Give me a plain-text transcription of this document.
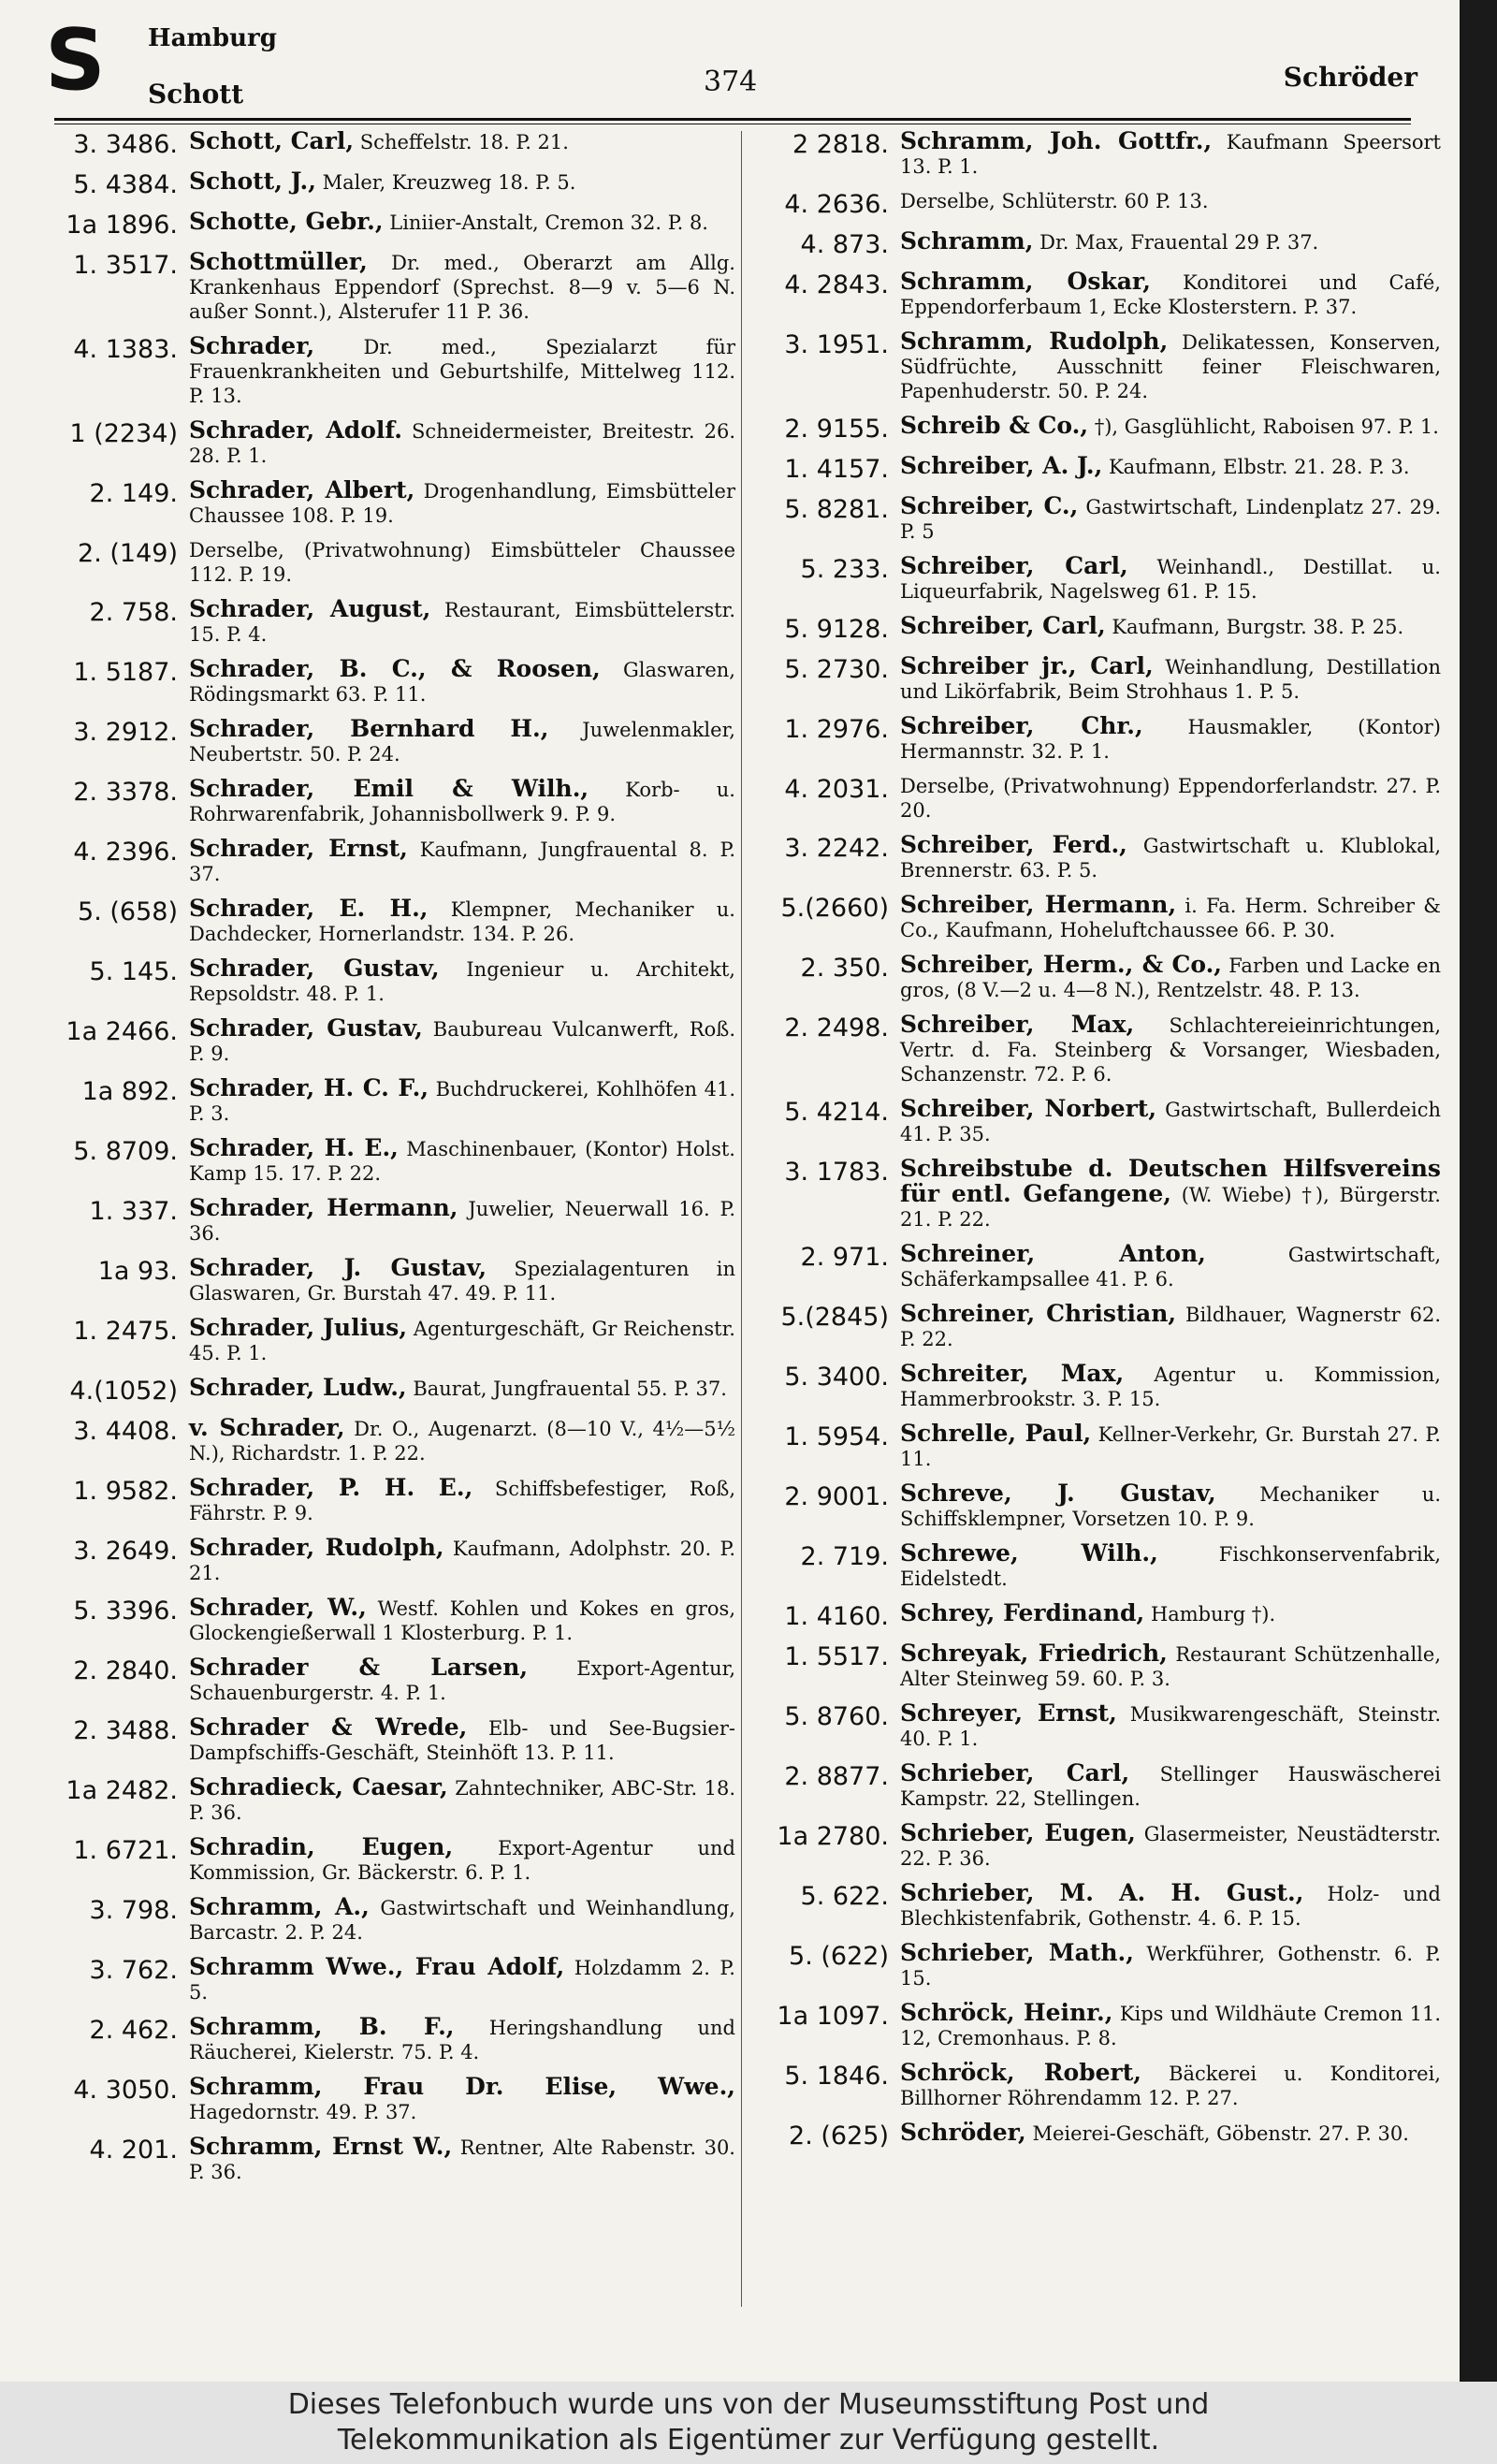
S Hamburg
Schott	374	Schröder
3. 3486. Schott, Carl, Scheffelstr. 18. P. 21.
5. 4384. Schott, J., Maler, Kreuzweg 18. P. 5.
1a 1896. Schotte, Gebr., Liniier-Anstalt, Cremon 32. P. 8.
1. 3517. Schottmüller, Dr. med., Oberarzt am Allg. Krankenhaus Eppendorf (Sprechst. 8—9 v. 5—6 N. außer Sonnt.), Alsterufer 11 P. 36.
4. 1383. Schrader, Dr. med., Spezialarzt für Frauenkrankheiten und Geburtshilfe, Mittelweg 112. P. 13.
1 (2234) Schrader, Adolf. Schneidermeister, Breitestr. 26. 28. P. 1.
2. 149. Schrader, Albert, Drogenhandlung, Eimsbütteler Chaussee 108. P. 19.
2. (149) Derselbe, (Privatwohnung) Eimsbütteler Chaussee 112. P. 19.
2. 758. Schrader, August, Restaurant, Eimsbüttelerstr. 15. P. 4.
1. 5187. Schrader, B. C., & Roosen, Glaswaren, Rödingsmarkt 63. P. 11.
3. 2912. Schrader, Bernhard H., Juwelenmakler, Neubertstr. 50. P. 24.
2. 3378. Schrader, Emil & Wilh., Korb- u. Rohrwarenfabrik, Johannisbollwerk 9. P. 9.
4. 2396. Schrader, Ernst, Kaufmann, Jungfrauental 8. P. 37.
5. (658) Schrader, E. H., Klempner, Mechaniker u. Dachdecker, Hornerlandstr. 134. P. 26.
5. 145. Schrader, Gustav, Ingenieur u. Architekt, Repsoldstr. 48. P. 1.
1a 2466. Schrader, Gustav, Baubureau Vulcanwerft, Roß. P. 9.
1a 892. Schrader, H. C. F., Buchdruckerei, Kohlhöfen 41. P. 3.
5. 8709. Schrader, H. E., Maschinenbauer, (Kontor) Holst. Kamp 15. 17. P. 22.
1. 337. Schrader, Hermann, Juwelier, Neuerwall 16. P. 36.
1a 93. Schrader, J. Gustav, Spezialagenturen in Glaswaren, Gr. Burstah 47. 49. P. 11.
1. 2475. Schrader, Julius, Agenturgeschäft, Gr Reichenstr. 45. P. 1.
4.(1052) Schrader, Ludw., Baurat, Jungfrauental 55. P. 37.
3. 4408. v. Schrader, Dr. O., Augenarzt. (8—10 V., 4½—5½ N.), Richardstr. 1. P. 22.
1. 9582. Schrader, P. H. E., Schiffsbefestiger, Roß, Fährstr. P. 9.
3. 2649. Schrader, Rudolph, Kaufmann, Adolphstr. 20. P. 21.
5. 3396. Schrader, W., Westf. Kohlen und Kokes en gros, Glockengießerwall 1 Klosterburg. P. 1.
2. 2840. Schrader & Larsen, Export-Agentur, Schauenburgerstr. 4. P. 1.
2. 3488. Schrader & Wrede, Elb- und See-Bugsier-Dampfschiffs-Geschäft, Steinhöft 13. P. 11.
1a 2482. Schradieck, Caesar, Zahntechniker, ABC-Str. 18. P. 36.
1. 6721. Schradin, Eugen, Export-Agentur und Kommission, Gr. Bäckerstr. 6. P. 1.
3. 798. Schramm, A., Gastwirtschaft und Weinhandlung, Barcastr. 2. P. 24.
3. 762. Schramm Wwe., Frau Adolf, Holzdamm 2. P. 5.
2. 462. Schramm, B. F., Heringshandlung und Räucherei, Kielerstr. 75. P. 4.
4. 3050. Schramm, Frau Dr. Elise, Wwe., Hagedornstr. 49. P. 37.
4. 201. Schramm, Ernst W., Rentner, Alte Rabenstr. 30. P. 36.
2 2818. Schramm, Joh. Gottfr., Kaufmann Speersort 13. P. 1.
4. 2636. Derselbe, Schlüterstr. 60 P. 13.
4. 873. Schramm, Dr. Max, Frauental 29 P. 37.
4. 2843. Schramm, Oskar, Konditorei und Café, Eppendorferbaum 1, Ecke Klosterstern. P. 37.
3. 1951. Schramm, Rudolph, Delikatessen, Konserven, Südfrüchte, Ausschnitt feiner Fleischwaren, Papenhuderstr. 50. P. 24.
2. 9155. Schreib & Co., †), Gasglühlicht, Raboisen 97. P. 1.
1. 4157. Schreiber, A. J., Kaufmann, Elbstr. 21. 28. P. 3.
5. 8281. Schreiber, C., Gastwirtschaft, Lindenplatz 27. 29. P. 5
5. 233. Schreiber, Carl, Weinhandl., Destillat. u. Liqueurfabrik, Nagelsweg 61. P. 15.
5. 9128. Schreiber, Carl, Kaufmann, Burgstr. 38. P. 25.
5. 2730. Schreiber jr., Carl, Weinhandlung, Destillation und Likörfabrik, Beim Strohhaus 1. P. 5.
1. 2976. Schreiber, Chr., Hausmakler, (Kontor) Hermannstr. 32. P. 1.
4. 2031. Derselbe, (Privatwohnung) Eppendorferlandstr. 27. P. 20.
3. 2242. Schreiber, Ferd., Gastwirtschaft u. Klublokal, Brennerstr. 63. P. 5.
5.(2660) Schreiber, Hermann, i. Fa. Herm. Schreiber & Co., Kaufmann, Hoheluftchaussee 66. P. 30.
2. 350. Schreiber, Herm., & Co., Farben und Lacke en gros, (8 V.—2 u. 4—8 N.), Rentzelstr. 48. P. 13.
2. 2498. Schreiber, Max, Schlachtereieinrichtungen, Vertr. d. Fa. Steinberg & Vorsanger, Wiesbaden, Schanzenstr. 72. P. 6.
5. 4214. Schreiber, Norbert, Gastwirtschaft, Bullerdeich 41. P. 35.
3. 1783. Schreibstube d. Deutschen Hilfsvereins für entl. Gefangene, (W. Wiebe) †), Bürgerstr. 21. P. 22.
2. 971. Schreiner, Anton,	Gastwirtschaft, Schäferkampsallee 41. P. 6.
5.(2845) Schreiner, Christian, Bildhauer, Wagnerstr 62. P. 22.
5. 3400. Schreiter, Max, Agentur u. Kommission, Hammerbrookstr. 3. P. 15.
1. 5954. Schrelle, Paul, Kellner-Verkehr, Gr. Burstah 27. P. 11.
2. 9001. Schreve, J. Gustav, Mechaniker u. Schiffsklempner, Vorsetzen 10. P. 9.
2. 719. Schrewe, Wilh.,	Fischkonservenfabrik, Eidelstedt.
1. 4160. Schrey, Ferdinand, Hamburg †).
1. 5517. Schreyak, Friedrich, Restaurant Schützenhalle, Alter Steinweg 59. 60. P. 3.
5. 8760. Schreyer, Ernst, Musikwarengeschäft, Steinstr. 40. P. 1.
2. 8877. Schrieber, Carl, Stellinger Hauswäscherei Kampstr. 22, Stellingen.
1a 2780. Schrieber, Eugen, Glasermeister, Neustädterstr. 22. P. 36.
5. 622. Schrieber, M. A. H. Gust., Holz- und Blechkistenfabrik, Gothenstr. 4. 6. P. 15.
5. (622) Schrieber, Math., Werkführer, Gothenstr. 6. P. 15.
1a 1097. Schröck, Heinr., Kips und Wildhäute Cremon 11. 12, Cremonhaus. P. 8.
5. 1846. Schröck, Robert, Bäckerei u. Konditorei, Billhorner Röhrendamm 12. P. 27.
2. (625) Schröder, Meierei-Geschäft, Göbenstr. 27. P. 30.
Dieses Telefonbuch wurde uns von der Museumsstiftung Post und
Telekommunikation als Eigentümer zur Verfügung gestellt.
